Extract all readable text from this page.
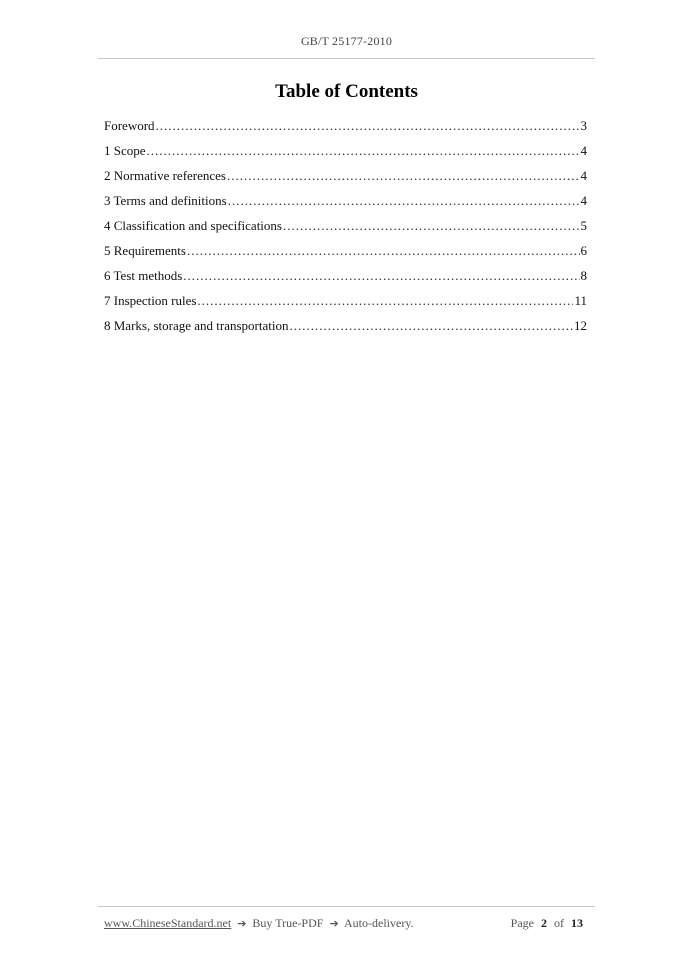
GB/T 25177-2010
Table of Contents
Foreword .....	3
1 Scope .....	4
2 Normative references .....	4
3 Terms and definitions .....	4
4 Classification and specifications .....	5
5 Requirements .....	6
6 Test methods .....	8
7 Inspection rules .....	11
8 Marks, storage and transportation .....	12
www.ChineseStandard.net ➔ Buy True-PDF ➔ Auto-delivery.	Page 2 of 13
